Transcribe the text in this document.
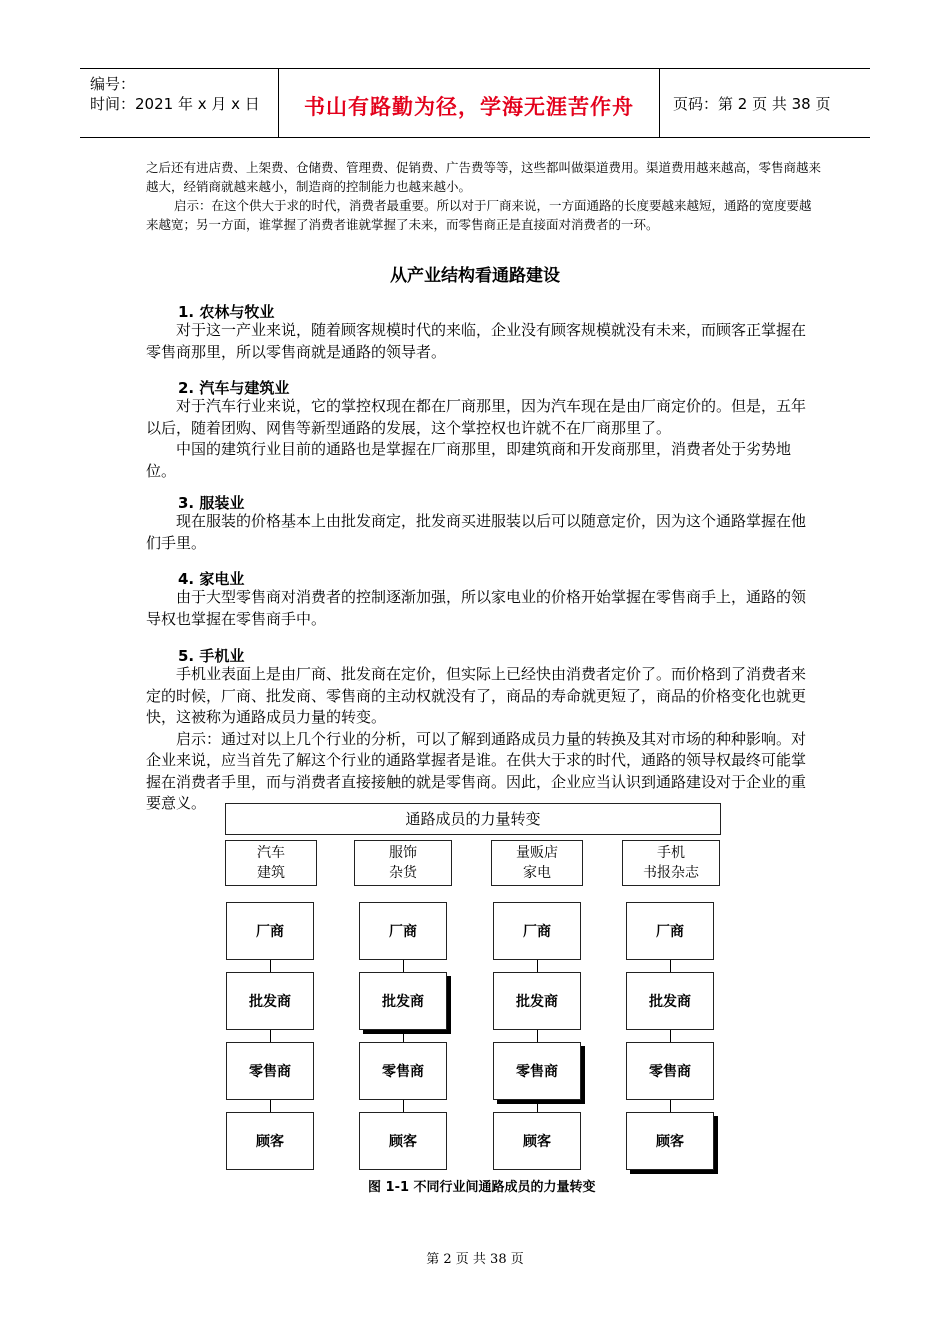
编号：
时间：2021 年 x 月 x 日	书山有路勤为径，学海无涯苦作舟	页码：第 2 页 共 38 页

之后还有进店费、上架费、仓储费、管理费、促销费、广告费等等，这些都叫做渠道费用。渠道费用越来越高，零售商越来越大，经销商就越来越小，制造商的控制能力也越来越小。

启示：在这个供大于求的时代，消费者最重要。所以对于厂商来说，一方面通路的长度要越来越短，通路的宽度要越来越宽；另一方面，谁掌握了消费者谁就掌握了未来，而零售商正是直接面对消费者的一环。

从产业结构看通路建设
1. 农林与牧业

对于这一产业来说，随着顾客规模时代的来临，企业没有顾客规模就没有未来，而顾客正掌握在零售商那里，所以零售商就是通路的领导者。

2. 汽车与建筑业

对于汽车行业来说，它的掌控权现在都在厂商那里，因为汽车现在是由厂商定价的。但是，五年以后，随着团购、网售等新型通路的发展，这个掌控权也许就不在厂商那里了。

中国的建筑行业目前的通路也是掌握在厂商那里，即建筑商和开发商那里，消费者处于劣势地位。

3. 服装业

现在服装的价格基本上由批发商定，批发商买进服装以后可以随意定价，因为这个通路掌握在他们手里。

4. 家电业

由于大型零售商对消费者的控制逐渐加强，所以家电业的价格开始掌握在零售商手上，通路的领导权也掌握在零售商手中。

5. 手机业

手机业表面上是由厂商、批发商在定价，但实际上已经快由消费者定价了。而价格到了消费者来定的时候，厂商、批发商、零售商的主动权就没有了，商品的寿命就更短了，商品的价格变化也就更快，这被称为通路成员力量的转变。

启示：通过对以上几个行业的分析，可以了解到通路成员力量的转换及其对市场的种种影响。对企业来说，应当首先了解这个行业的通路掌握者是谁。在供大于求的时代，通路的领导权最终可能掌握在消费者手里，而与消费者直接接触的就是零售商。因此，企业应当认识到通路建设对于企业的重要意义。

通路成员的力量转变
汽车
建筑
服饰
杂货
量贩店
家电
手机
书报杂志
厂商
批发商
零售商
顾客
厂商
批发商
零售商
顾客
厂商
批发商
零售商
顾客
厂商
批发商
零售商
顾客
图 1-1 不同行业间通路成员的力量转变
第 2 页 共 38 页
